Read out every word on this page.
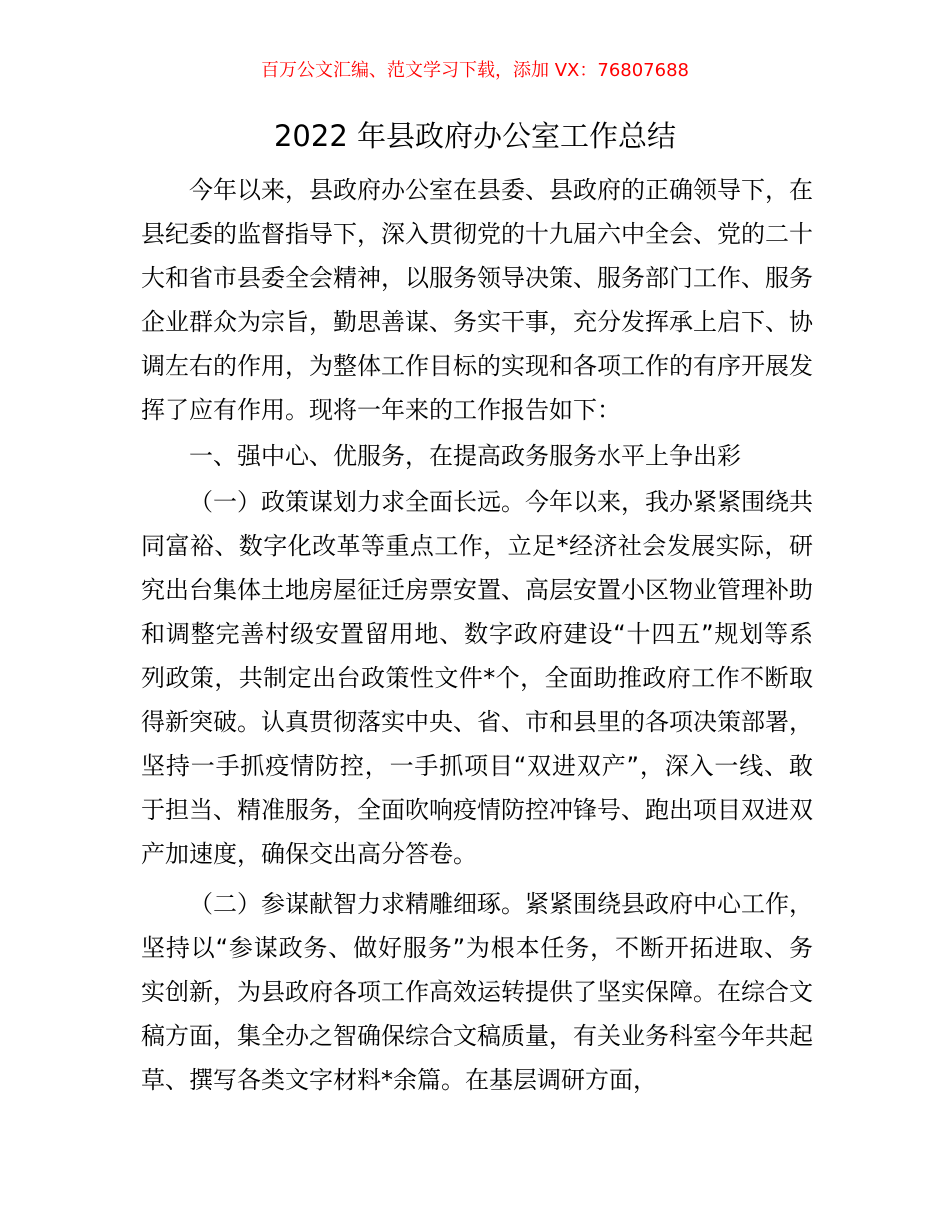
百万公文汇编、范文学习下载，添加 VX：76807688
2022 年县政府办公室工作总结

今年以来，县政府办公室在县委、县政府的正确领导下，在县纪委的监督指导下，深入贯彻党的十九届六中全会、党的二十大和省市县委全会精神，以服务领导决策、服务部门工作、服务企业群众为宗旨，勤思善谋、务实干事，充分发挥承上启下、协调左右的作用，为整体工作目标的实现和各项工作的有序开展发挥了应有作用。现将一年来的工作报告如下：

一、强中心、优服务，在提高政务服务水平上争出彩

（一）政策谋划力求全面长远。今年以来，我办紧紧围绕共同富裕、数字化改革等重点工作，立足*经济社会发展实际，研究出台集体土地房屋征迁房票安置、高层安置小区物业管理补助和调整完善村级安置留用地、数字政府建设“十四五”规划等系列政策，共制定出台政策性文件*个，全面助推政府工作不断取得新突破。认真贯彻落实中央、省、市和县里的各项决策部署，坚持一手抓疫情防控，一手抓项目“双进双产”，深入一线、敢于担当、精准服务，全面吹响疫情防控冲锋号、跑出项目双进双产加速度，确保交出高分答卷。

（二）参谋献智力求精雕细琢。紧紧围绕县政府中心工作，坚持以“参谋政务、做好服务”为根本任务，不断开拓进取、务实创新，为县政府各项工作高效运转提供了坚实保障。在综合文稿方面，集全办之智确保综合文稿质量，有关业务科室今年共起草、撰写各类文字材料*余篇。在基层调研方面，
